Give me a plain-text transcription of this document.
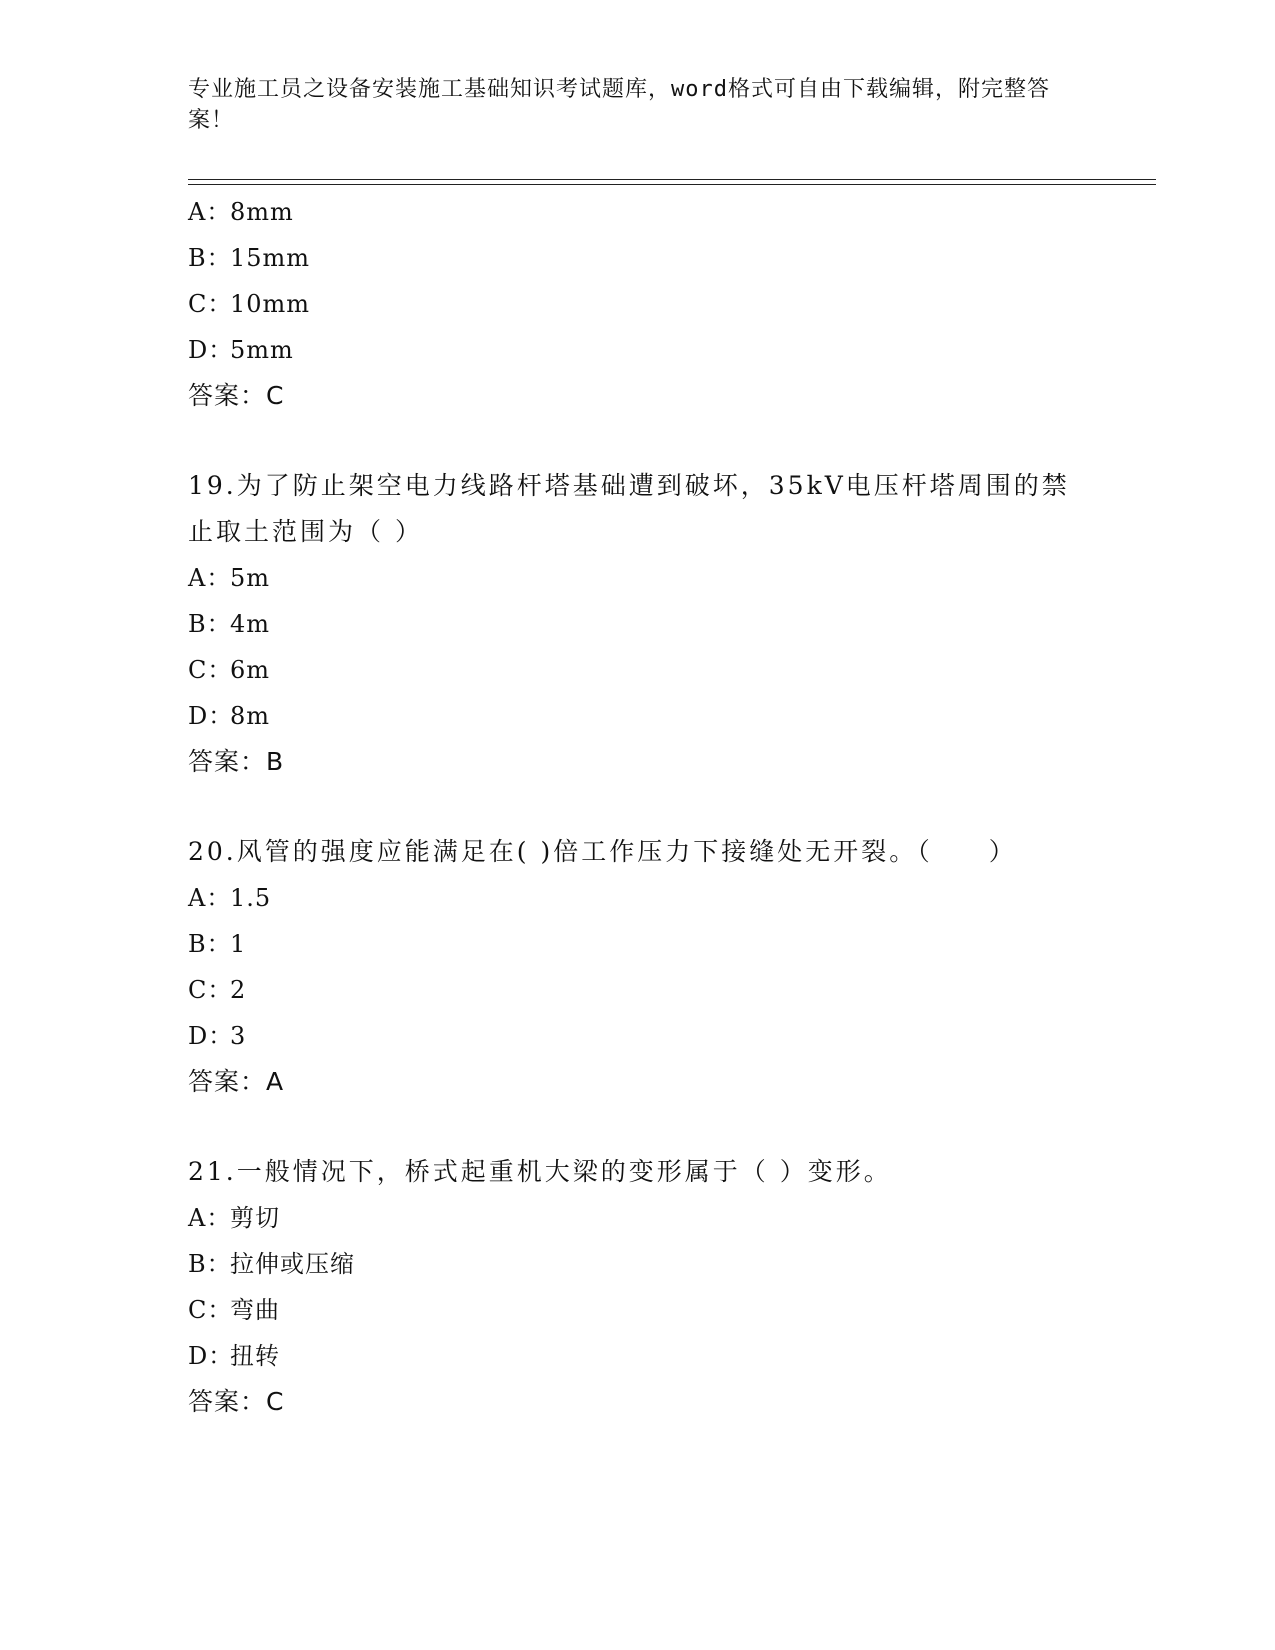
专业施工员之设备安装施工基础知识考试题库，word格式可自由下载编辑，附完整答案！
A：8mm
B：15mm
C：10mm
D：5mm
答案：C
19.为了防止架空电力线路杆塔基础遭到破坏，35kV电压杆塔周围的禁止取土范围为（ ）
A：5m
B：4m
C：6m
D：8m
答案：B
20.风管的强度应能满足在( )倍工作压力下接缝处无开裂。（　　）
A：1.5
B：1
C：2
D：3
答案：A
21.一般情况下，桥式起重机大梁的变形属于（ ）变形。
A：剪切
B：拉伸或压缩
C：弯曲
D：扭转
答案：C
